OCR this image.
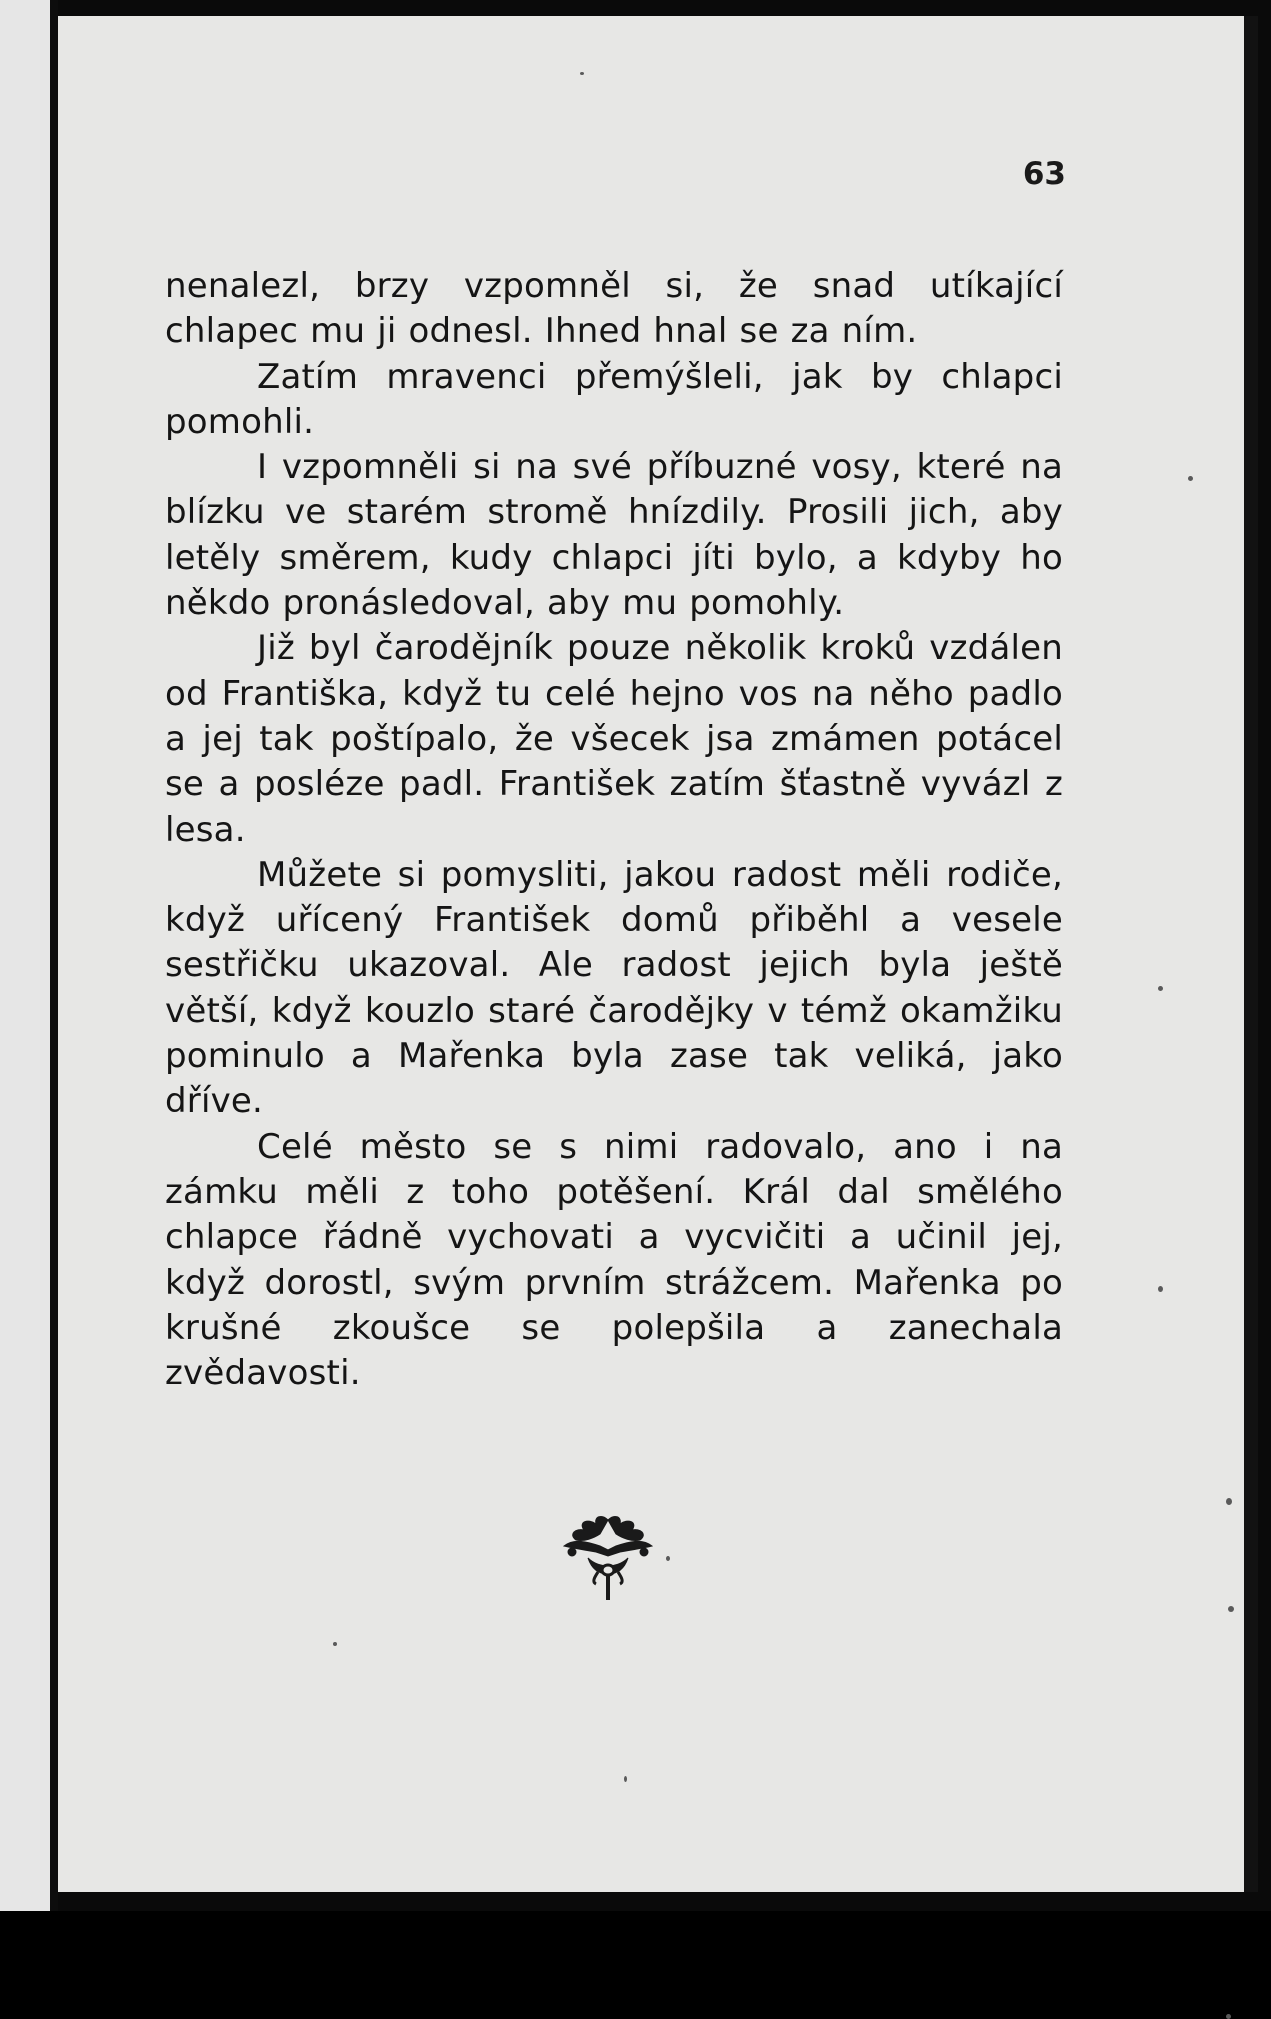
63

nenalezl, brzy vzpomněl si, že snad utíkající chlapec mu ji odnesl. Ihned hnal se za ním.

Zatím mravenci přemýšleli, jak by chlapci pomohli.

I vzpomněli si na své příbuzné vosy, které na blízku ve starém stromě hnízdily. Prosili jich, aby letěly směrem, kudy chlapci jíti bylo, a kdyby ho někdo pronásledoval, aby mu pomohly.

Již byl čarodějník pouze několik kroků vzdálen od Františka, když tu celé hejno vos na něho padlo a jej tak poštípalo, že všecek jsa zmámen potácel se a posléze padl. František zatím šťastně vyvázl z lesa.

Můžete si pomysliti, jakou radost měli rodiče, když uřícený František domů přiběhl a vesele sestřičku ukazoval. Ale radost jejich byla ještě větší, když kouzlo staré čarodějky v témž okamžiku pominulo a Mařenka byla zase tak veliká, jako dříve.

Celé město se s nimi radovalo, ano i na zámku měli z toho potěšení. Král dal smělého chlapce řádně vychovati a vycvičiti a učinil jej, když dorostl, svým prvním strážcem. Mařenka po krušné zkoušce se polepšila a zanechala zvědavosti.
